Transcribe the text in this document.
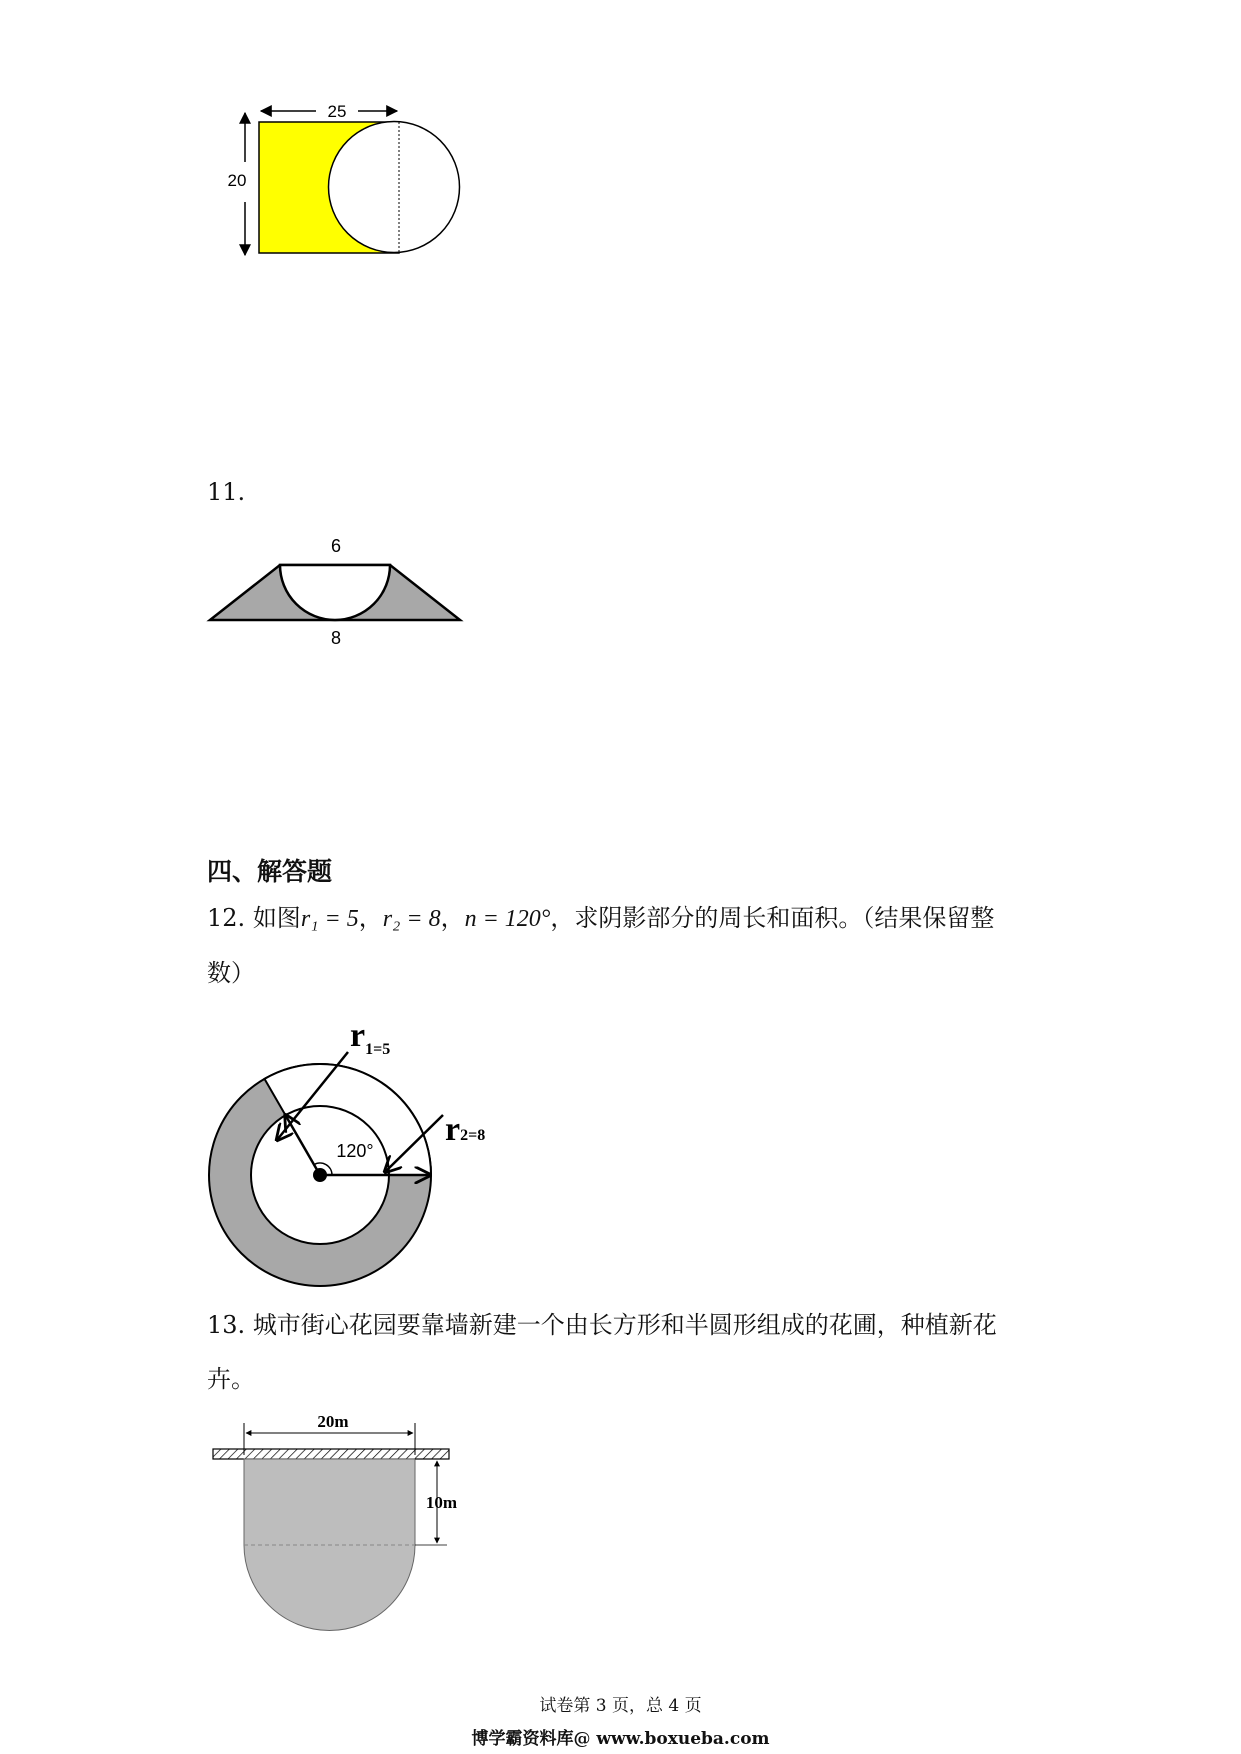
25
20
11.
6
8
四、解答题
12. 如图r₁ = 5，r₂ = 8，n = 120°，求阴影部分的周长和面积。（结果保留整
数）
120°
$r_{1=5}$
r2=8
13. 城市街心花园要靠墙新建一个由长方形和半圆形组成的花圃，种植新花
卉。
20m
10m
试卷第 3 页，总 4 页
博学霸资料库@ www.boxueba.com
